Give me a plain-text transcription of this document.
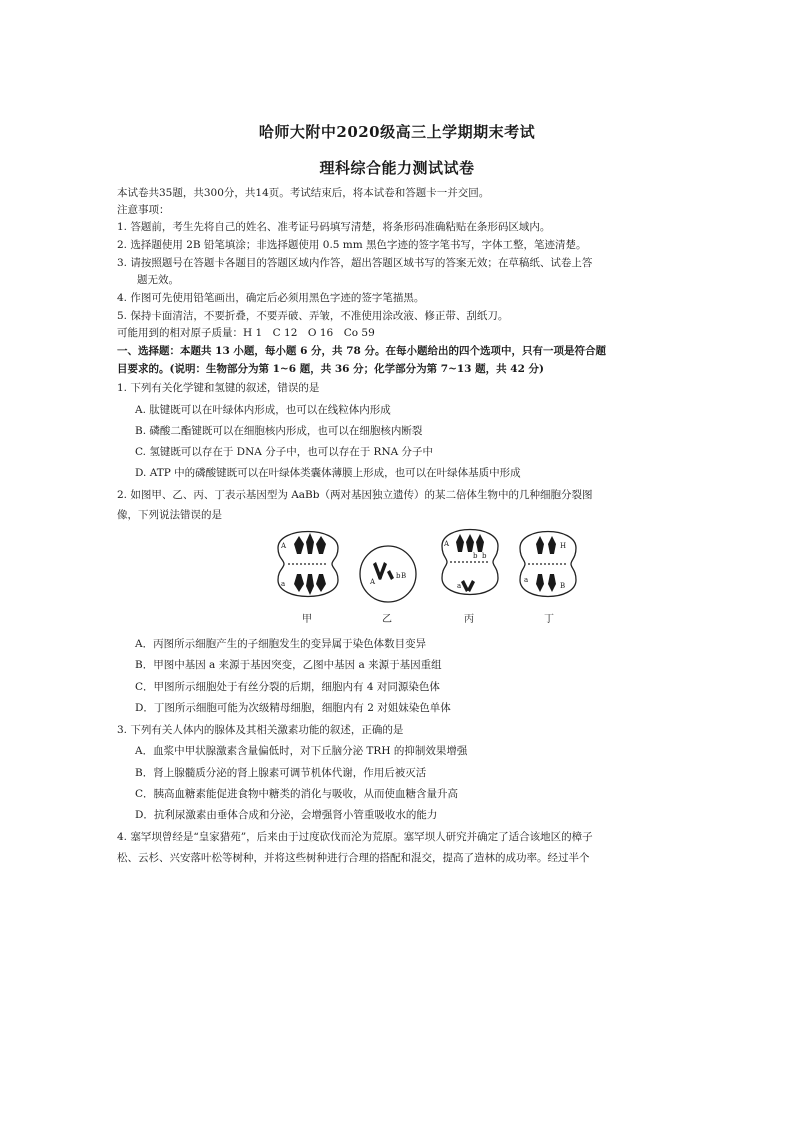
哈师大附中2020级高三上学期期末考试
理科综合能力测试试卷
本试卷共35题，共300分，共14页。考试结束后，将本试卷和答题卡一并交回。
注意事项：
1. 答题前，考生先将自己的姓名、准考证号码填写清楚，将条形码准确粘贴在条形码区域内。
2. 选择题使用 2B 铅笔填涂；非选择题使用 0.5 mm 黑色字迹的签字笔书写，字体工整，笔迹清楚。
3. 请按照题号在答题卡各题目的答题区域内作答，超出答题区域书写的答案无效；在草稿纸、试卷上答
题无效。
4. 作图可先使用铅笔画出，确定后必须用黑色字迹的签字笔描黑。
5. 保持卡面清洁，不要折叠，不要弄破、弄皱，不准使用涂改液、修正带、刮纸刀。
可能用到的相对原子质量：H 1　C 12　O 16　Co 59
一、选择题：本题共 13 小题，每小题 6 分，共 78 分。在每小题给出的四个选项中，只有一项是符合题
目要求的。(说明：生物部分为第 1~6 题，共 36 分；化学部分为第 7~13 题，共 42 分)
1. 下列有关化学键和氢键的叙述，错误的是
A. 肽键既可以在叶绿体内形成，也可以在线粒体内形成
B. 磷酸二酯键既可以在细胞核内形成，也可以在细胞核内断裂
C. 氢键既可以存在于 DNA 分子中，也可以存在于 RNA 分子中
D. ATP 中的磷酸键既可以在叶绿体类囊体薄膜上形成，也可以在叶绿体基质中形成
2. 如图甲、乙、丙、丁表示基因型为 AaBb（两对基因独立遗传）的某二倍体生物中的几种细胞分裂图
像，下列说法错误的是
A
a	A
b B
A
b b
a
H
a
B
甲	乙	丙	丁
A．丙图所示细胞产生的子细胞发生的变异属于染色体数目变异
B．甲图中基因 a 来源于基因突变，乙图中基因 a 来源于基因重组
C．甲图所示细胞处于有丝分裂的后期，细胞内有 4 对同源染色体
D．丁图所示细胞可能为次级精母细胞，细胞内有 2 对姐妹染色单体
3. 下列有关人体内的腺体及其相关激素功能的叙述，正确的是
A．血浆中甲状腺激素含量偏低时，对下丘脑分泌 TRH 的抑制效果增强
B．肾上腺髓质分泌的肾上腺素可调节机体代谢，作用后被灭活
C．胰高血糖素能促进食物中糖类的消化与吸收，从而使血糖含量升高
D．抗利尿激素由垂体合成和分泌，会增强肾小管重吸收水的能力
4. 塞罕坝曾经是“皇家猎苑”，后来由于过度砍伐而沦为荒原。塞罕坝人研究并确定了适合该地区的樟子
松、云杉、兴安落叶松等树种，并将这些树种进行合理的搭配和混交，提高了造林的成功率。经过半个
